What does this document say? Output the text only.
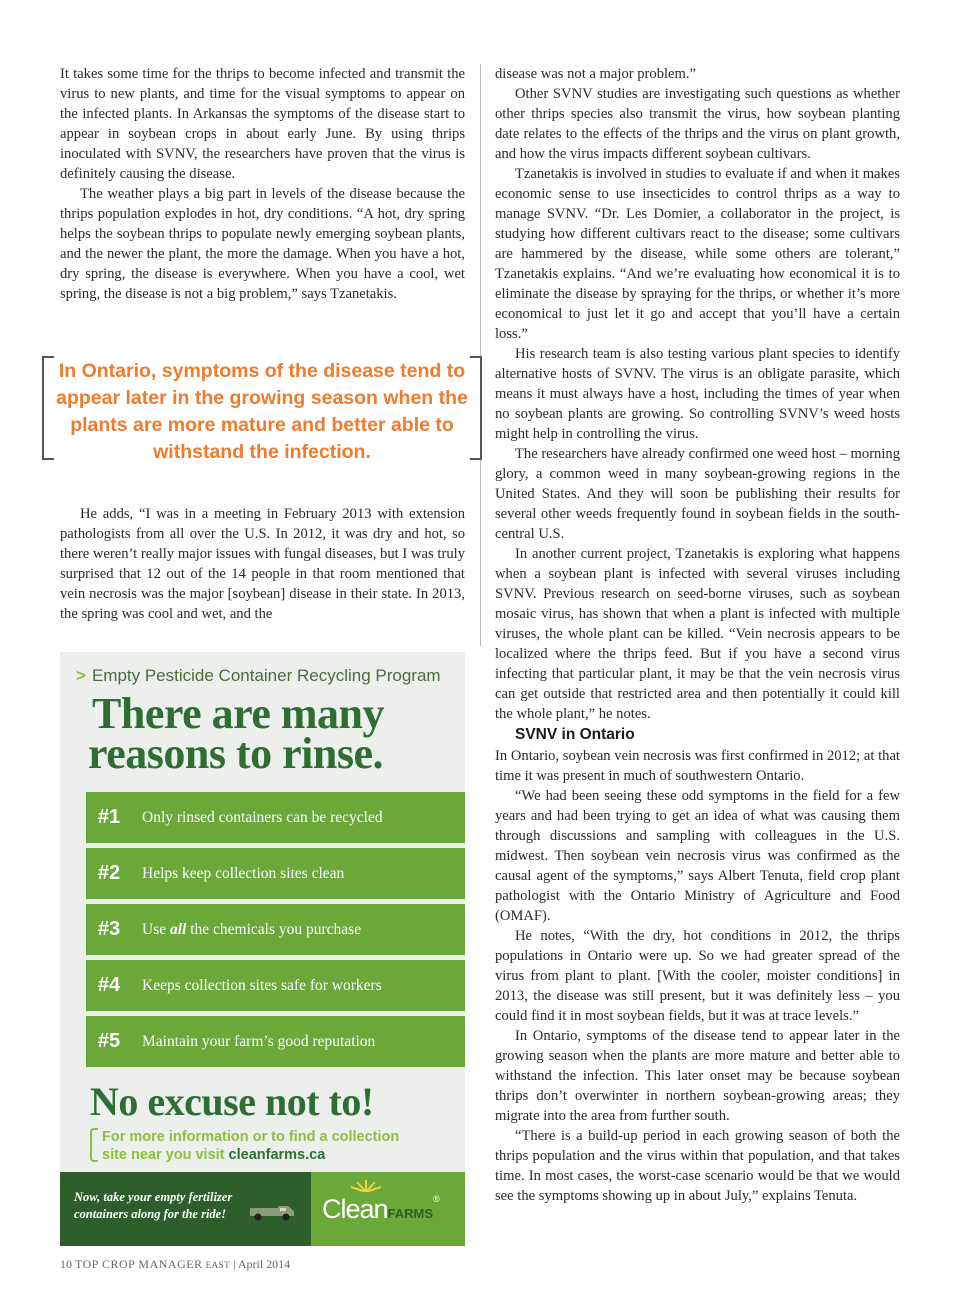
It takes some time for the thrips to become infected and transmit the virus to new plants, and time for the visual symptoms to appear on the infected plants. In Arkansas the symptoms of the disease start to appear in soybean crops in about early June. By using thrips inoculated with SVNV, the researchers have proven that the virus is definitely causing the disease.

The weather plays a big part in levels of the disease because the thrips population explodes in hot, dry conditions. “A hot, dry spring helps the soybean thrips to populate newly emerging soybean plants, and the newer the plant, the more the damage. When you have a hot, dry spring, the disease is everywhere. When you have a cool, wet spring, the disease is not a big problem,” says Tzanetakis.

In Ontario, symptoms of the disease tend to appear later in the growing season when the plants are more mature and better able to withstand the infection.

He adds, “I was in a meeting in February 2013 with extension pathologists from all over the U.S. In 2012, it was dry and hot, so there weren’t really major issues with fungal diseases, but I was truly surprised that 12 out of the 14 people in that room mentioned that vein necrosis was the major [soybean] disease in their state. In 2013, the spring was cool and wet, and the

> Empty Pesticide Container Recycling Program
There are many
reasons to rinse.
#1	Only rinsed containers can be recycled
#2	Helps keep collection sites clean
#3	Use all the chemicals you purchase
#4	Keeps collection sites safe for workers
#5	Maintain your farm’s good reputation
No excuse not to!
For more information or to find a collection
site near you visit cleanfarms.ca
Now, take your empty fertilizer
containers along for the ride!	CleanFARMS®

disease was not a major problem.”

Other SVNV studies are investigating such questions as whether other thrips species also transmit the virus, how soybean planting date relates to the effects of the thrips and the virus on plant growth, and how the virus impacts different soybean cultivars.

Tzanetakis is involved in studies to evaluate if and when it makes economic sense to use insecticides to control thrips as a way to manage SVNV. “Dr. Les Domier, a collaborator in the project, is studying how different cultivars react to the disease; some cultivars are hammered by the disease, while some others are tolerant,” Tzanetakis explains. “And we’re evaluating how economical it is to eliminate the disease by spraying for the thrips, or whether it’s more economical to just let it go and accept that you’ll have a certain loss.”

His research team is also testing various plant species to identify alternative hosts of SVNV. The virus is an obligate parasite, which means it must always have a host, including the times of year when no soybean plants are growing. So controlling SVNV’s weed hosts might help in controlling the virus.

The researchers have already confirmed one weed host – morning glory, a common weed in many soybean-growing regions in the United States. And they will soon be publishing their results for several other weeds frequently found in soybean fields in the south-central U.S.

In another current project, Tzanetakis is exploring what happens when a soybean plant is infected with several viruses including SVNV. Previous research on seed-borne viruses, such as soybean mosaic virus, has shown that when a plant is infected with multiple viruses, the whole plant can be killed. “Vein necrosis appears to be localized where the thrips feed. But if you have a second virus infecting that particular plant, it may be that the vein necrosis virus can get outside that restricted area and then potentially it could kill the whole plant,” he notes.

SVNV in Ontario

In Ontario, soybean vein necrosis was first confirmed in 2012; at that time it was present in much of southwestern Ontario.

“We had been seeing these odd symptoms in the field for a few years and had been trying to get an idea of what was causing them through discussions and sampling with colleagues in the U.S. midwest. Then soybean vein necrosis virus was confirmed as the causal agent of the symptoms,” says Albert Tenuta, field crop plant pathologist with the Ontario Ministry of Agriculture and Food (OMAF).

He notes, “With the dry, hot conditions in 2012, the thrips populations in Ontario were up. So we had greater spread of the virus from plant to plant. [With the cooler, moister conditions] in 2013, the disease was still present, but it was definitely less – you could find it in most soybean fields, but it was at trace levels.”

In Ontario, symptoms of the disease tend to appear later in the growing season when the plants are more mature and better able to withstand the infection. This later onset may be because soybean thrips don’t overwinter in northern soybean-growing areas; they migrate into the area from further south.

“There is a build-up period in each growing season of both the thrips population and the virus within that population, and that takes time. In most cases, the worst-case scenario would be that we would see the symptoms showing up in about July,” explains Tenuta.

10 TOP CROP MANAGER EAST | April 2014
